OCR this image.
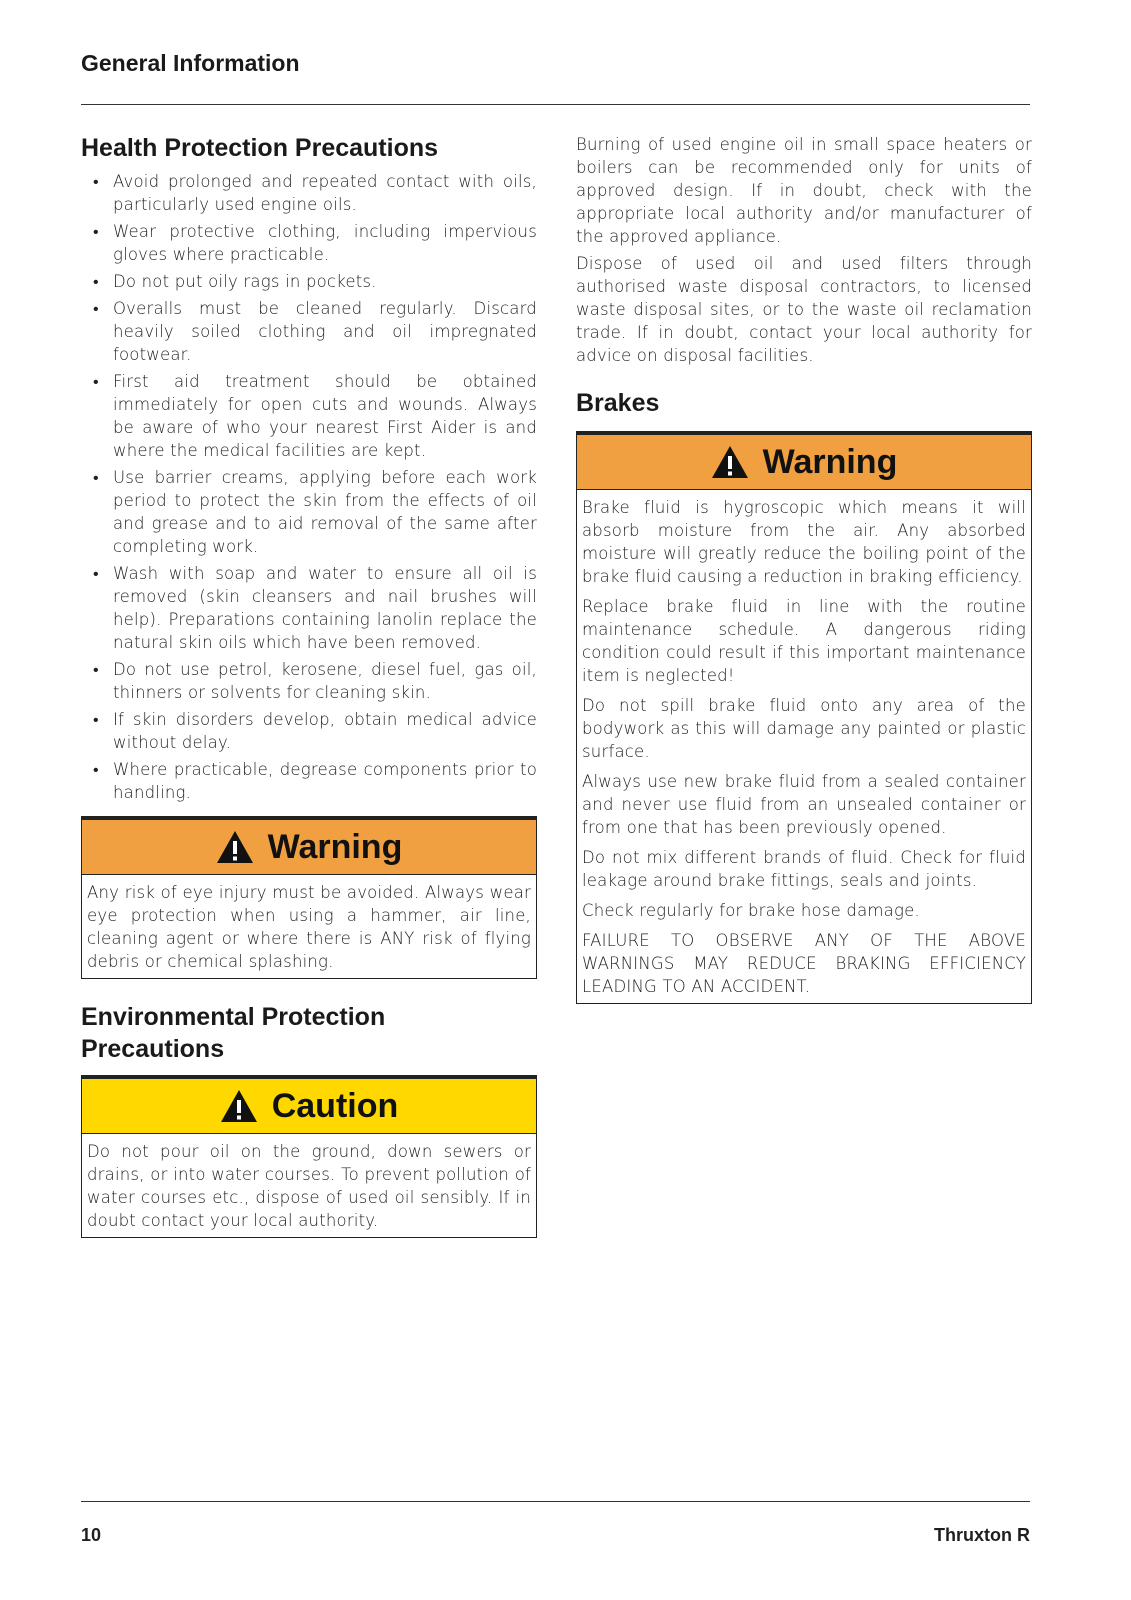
General Information
Health Protection Precautions
• Avoid prolonged and repeated contact with oils, particularly used engine oils.
• Wear protective clothing, including impervious gloves where practicable.
• Do not put oily rags in pockets.
• Overalls must be cleaned regularly. Discard heavily soiled clothing and oil impregnated footwear.
• First aid treatment should be obtained immediately for open cuts and wounds. Always be aware of who your nearest First Aider is and where the medical facilities are kept.
• Use barrier creams, applying before each work period to protect the skin from the effects of oil and grease and to aid removal of the same after completing work.
• Wash with soap and water to ensure all oil is removed (skin cleansers and nail brushes will help). Preparations containing lanolin replace the natural skin oils which have been removed.
• Do not use petrol, kerosene, diesel fuel, gas oil, thinners or solvents for cleaning skin.
• If skin disorders develop, obtain medical advice without delay.
• Where practicable, degrease components prior to handling.
Warning

Any risk of eye injury must be avoided. Always wear eye protection when using a hammer, air line, cleaning agent or where there is ANY risk of flying debris or chemical splashing.

Environmental Protection
Precautions
Caution

Do not pour oil on the ground, down sewers or drains, or into water courses. To prevent pollution of water courses etc., dispose of used oil sensibly. If in doubt contact your local authority.

Burning of used engine oil in small space heaters or boilers can be recommended only for units of approved design. If in doubt, check with the appropriate local authority and/or manufacturer of the approved appliance.

Dispose of used oil and used filters through authorised waste disposal contractors, to licensed waste disposal sites, or to the waste oil reclamation trade. If in doubt, contact your local authority for advice on disposal facilities.

Brakes
Warning

Brake fluid is hygroscopic which means it will absorb moisture from the air. Any absorbed moisture will greatly reduce the boiling point of the brake fluid causing a reduction in braking efficiency.

Replace brake fluid in line with the routine maintenance schedule. A dangerous riding condition could result if this important maintenance item is neglected!

Do not spill brake fluid onto any area of the bodywork as this will damage any painted or plastic surface.

Always use new brake fluid from a sealed container and never use fluid from an unsealed container or from one that has been previously opened.

Do not mix different brands of fluid. Check for fluid leakage around brake fittings, seals and joints.

Check regularly for brake hose damage.

FAILURE TO OBSERVE ANY OF THE ABOVE WARNINGS MAY REDUCE BRAKING EFFICIENCY LEADING TO AN ACCIDENT.

10	Thruxton R
